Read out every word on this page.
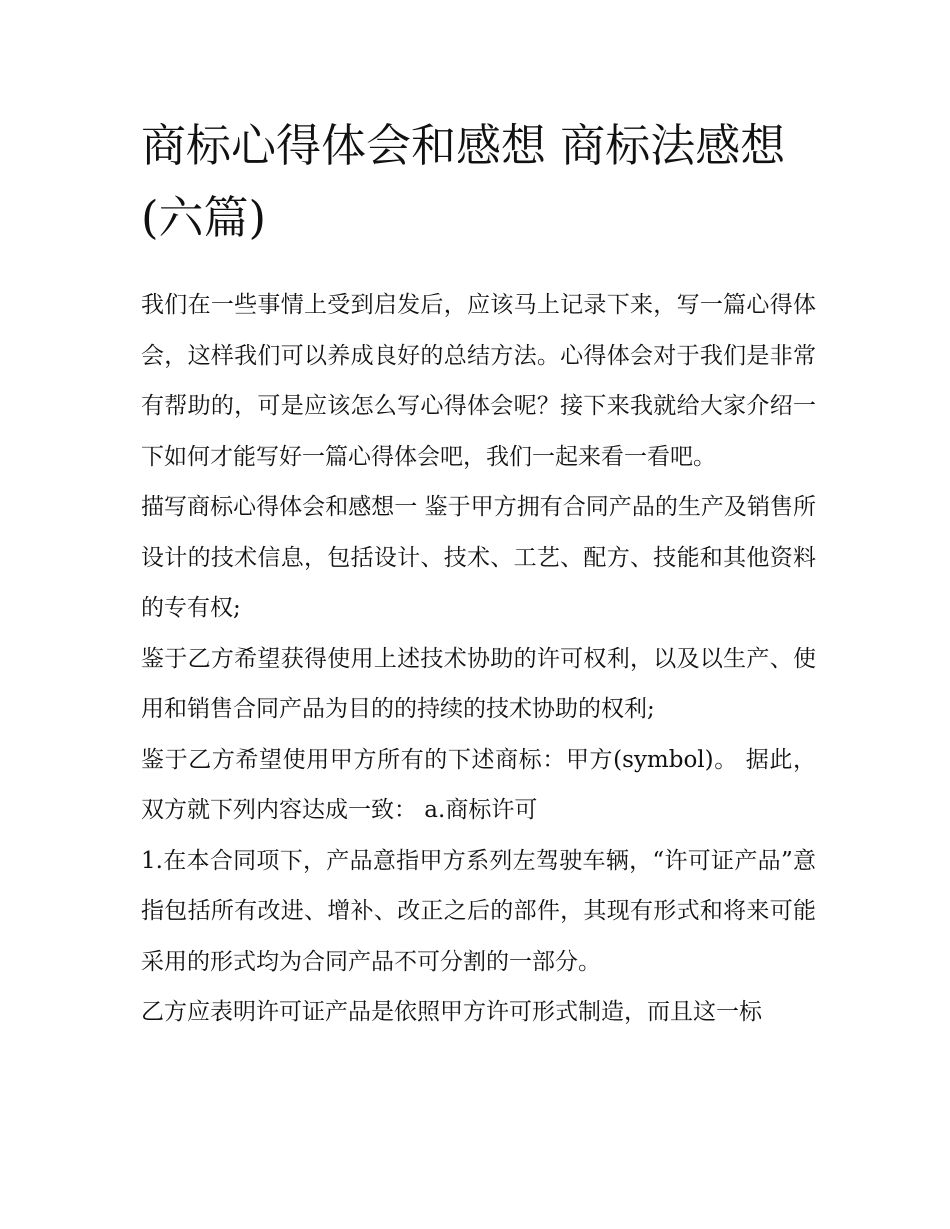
商标心得体会和感想 商标法感想(六篇)

我们在一些事情上受到启发后，应该马上记录下来，写一篇心得体会，这样我们可以养成良好的总结方法。心得体会对于我们是非常有帮助的，可是应该怎么写心得体会呢？接下来我就给大家介绍一下如何才能写好一篇心得体会吧，我们一起来看一看吧。

描写商标心得体会和感想一 鉴于甲方拥有合同产品的生产及销售所设计的技术信息，包括设计、技术、工艺、配方、技能和其他资料的专有权;

鉴于乙方希望获得使用上述技术协助的许可权利，以及以生产、使用和销售合同产品为目的的持续的技术协助的权利;

鉴于乙方希望使用甲方所有的下述商标：甲方(symbol)。 据此，双方就下列内容达成一致： a.商标许可

1.在本合同项下，产品意指甲方系列左驾驶车辆，“许可证产品”意指包括所有改进、增补、改正之后的部件，其现有形式和将来可能采用的形式均为合同产品不可分割的一部分。

乙方应表明许可证产品是依照甲方许可形式制造，而且这一标
